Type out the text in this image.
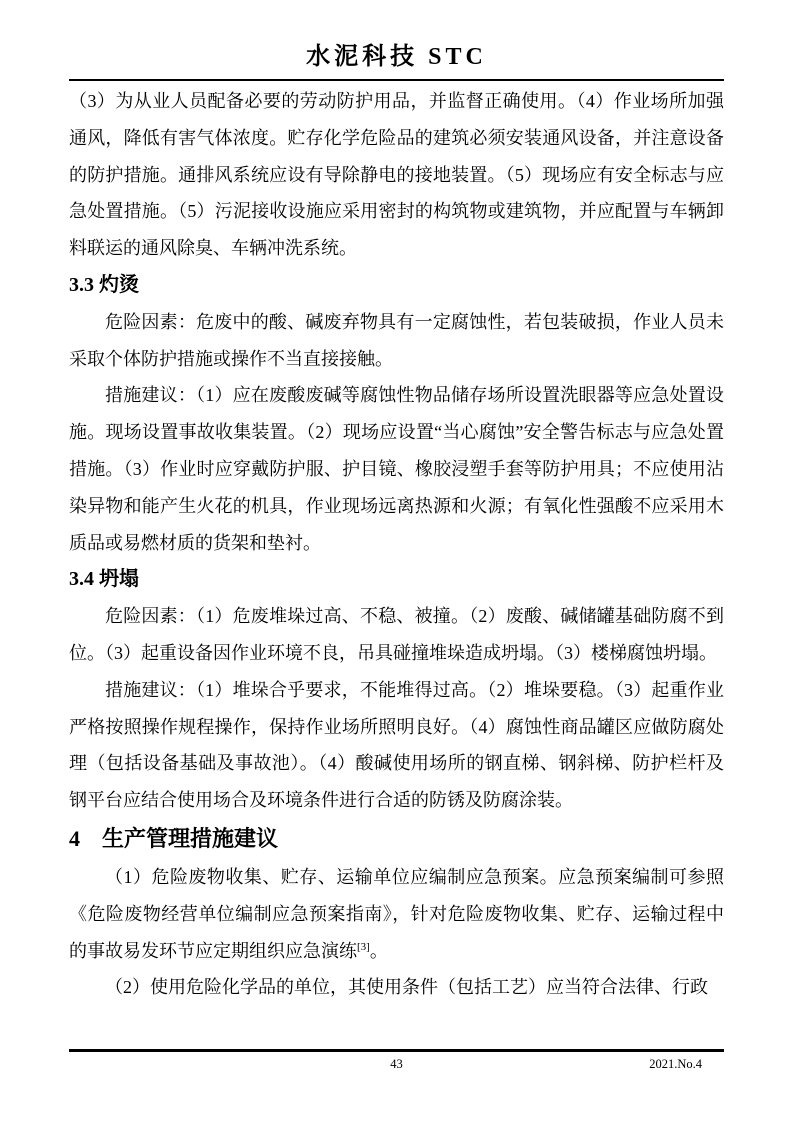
水泥科技 STC

（3）为从业人员配备必要的劳动防护用品，并监督正确使用。（4）作业场所加强通风，降低有害气体浓度。贮存化学危险品的建筑必须安装通风设备，并注意设备的防护措施。通排风系统应设有导除静电的接地装置。（5）现场应有安全标志与应急处置措施。（5）污泥接收设施应采用密封的构筑物或建筑物，并应配置与车辆卸料联运的通风除臭、车辆冲洗系统。

3.3 灼烫

危险因素：危废中的酸、碱废弃物具有一定腐蚀性，若包装破损，作业人员未采取个体防护措施或操作不当直接接触。

措施建议：（1）应在废酸废碱等腐蚀性物品储存场所设置洗眼器等应急处置设施。现场设置事故收集装置。（2）现场应设置“当心腐蚀”安全警告标志与应急处置措施。（3）作业时应穿戴防护服、护目镜、橡胶浸塑手套等防护用具；不应使用沾染异物和能产生火花的机具，作业现场远离热源和火源；有氧化性强酸不应采用木质品或易燃材质的货架和垫衬。

3.4 坍塌

危险因素：（1）危废堆垛过高、不稳、被撞。（2）废酸、碱储罐基础防腐不到位。（3）起重设备因作业环境不良，吊具碰撞堆垛造成坍塌。（3）楼梯腐蚀坍塌。

措施建议：（1）堆垛合乎要求，不能堆得过高。（2）堆垛要稳。（3）起重作业严格按照操作规程操作，保持作业场所照明良好。（4）腐蚀性商品罐区应做防腐处理（包括设备基础及事故池）。（4）酸碱使用场所的钢直梯、钢斜梯、防护栏杆及钢平台应结合使用场合及环境条件进行合适的防锈及防腐涂装。

4　生产管理措施建议

（1）危险废物收集、贮存、运输单位应编制应急预案。应急预案编制可参照《危险废物经营单位编制应急预案指南》，针对危险废物收集、贮存、运输过程中的事故易发环节应定期组织应急演练[3]。

（2）使用危险化学品的单位，其使用条件（包括工艺）应当符合法律、行政

43	2021.No.4
